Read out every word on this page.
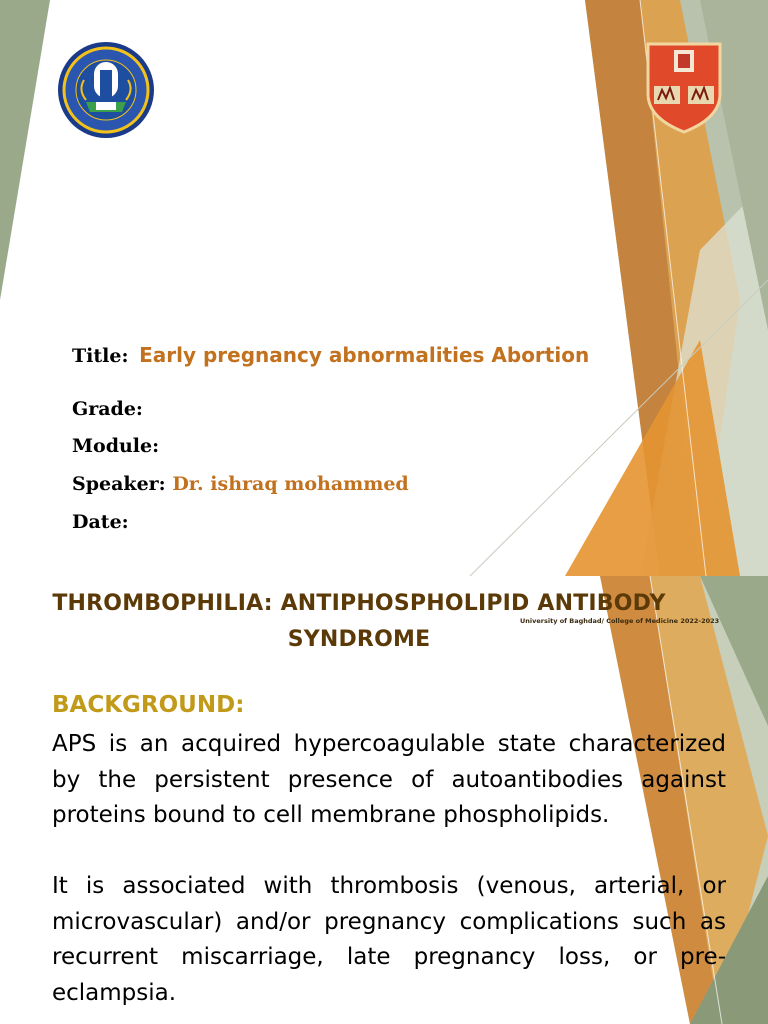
Title: Early pregnancy abnormalities Abortion
Grade:
Module:
Speaker: Dr. ishraq mohammed
Date:
THROMBOPHILIA: ANTIPHOSPHOLIPID ANTIBODY SYNDROME
University of Baghdad/ College of Medicine 2022-2023
BACKGROUND:
APS is an acquired hypercoagulable state characterized by the persistent presence of autoantibodies against proteins bound to cell membrane phospholipids.
It is associated with thrombosis (venous, arterial, or microvascular) and/or pregnancy complications such as recurrent miscarriage, late pregnancy loss, or pre-eclampsia.
